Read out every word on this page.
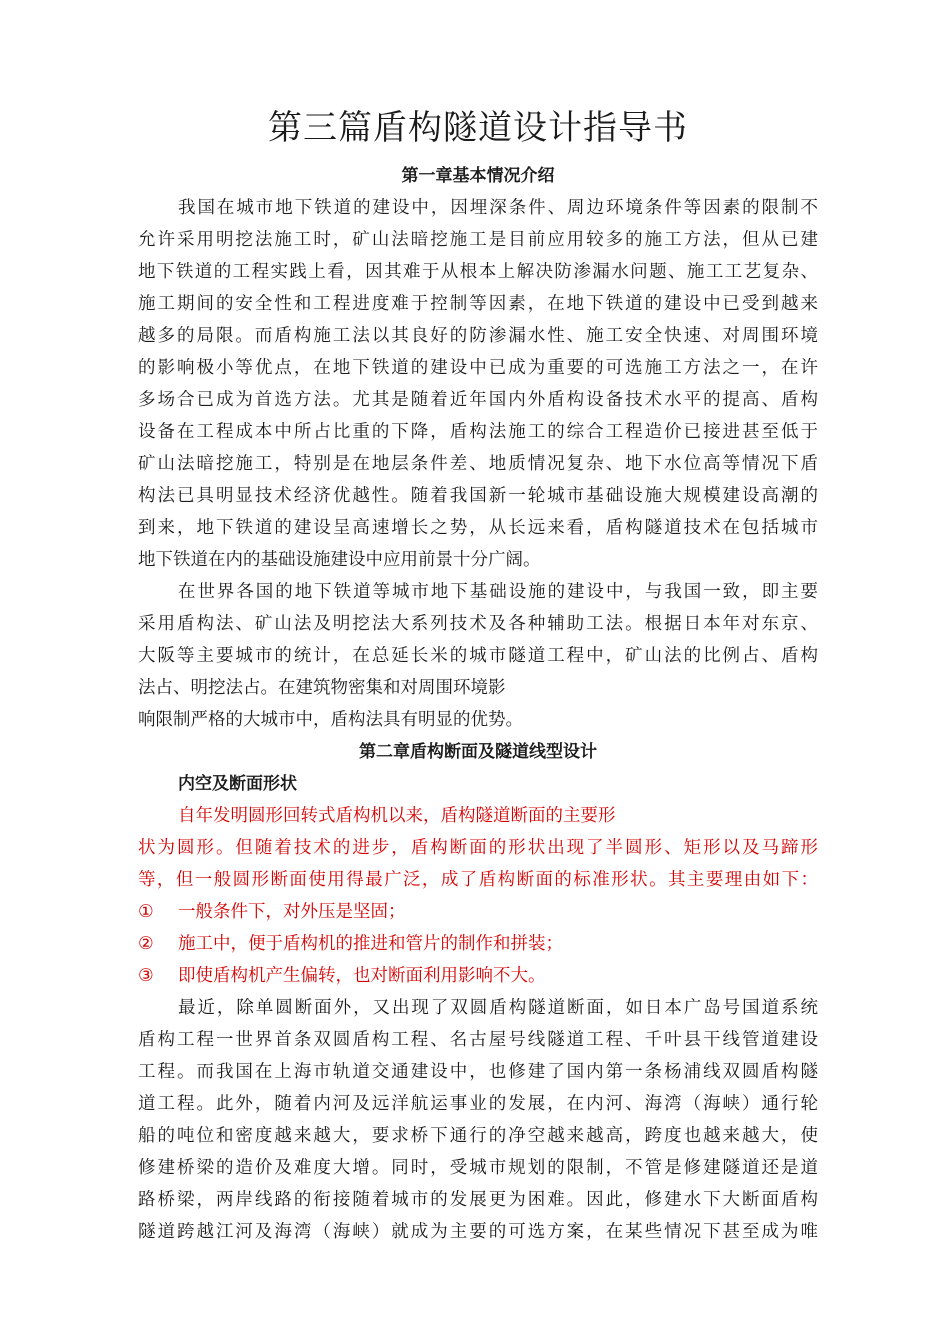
第三篇盾构隧道设计指导书
第一章基本情况介绍

我国在城市地下铁道的建设中，因埋深条件、周边环境条件等因素的限制不

允许采用明挖法施工时，矿山法暗挖施工是目前应用较多的施工方法，但从已建

地下铁道的工程实践上看，因其难于从根本上解决防渗漏水问题、施工工艺复杂、

施工期间的安全性和工程进度难于控制等因素，在地下铁道的建设中已受到越来

越多的局限。而盾构施工法以其良好的防渗漏水性、施工安全快速、对周围环境

的影响极小等优点，在地下铁道的建设中已成为重要的可选施工方法之一，在许

多场合已成为首选方法。尤其是随着近年国内外盾构设备技术水平的提高、盾构

设备在工程成本中所占比重的下降，盾构法施工的综合工程造价已接进甚至低于

矿山法暗挖施工，特别是在地层条件差、地质情况复杂、地下水位高等情况下盾

构法已具明显技术经济优越性。随着我国新一轮城市基础设施大规模建设高潮的

到来，地下铁道的建设呈高速增长之势，从长远来看，盾构隧道技术在包括城市

地下铁道在内的基础设施建设中应用前景十分广阔。

在世界各国的地下铁道等城市地下基础设施的建设中，与我国一致，即主要

采用盾构法、矿山法及明挖法大系列技术及各种辅助工法。根据日本年对东京、

大阪等主要城市的统计，在总延长米的城市隧道工程中，矿山法的比例占、盾构

法占、明挖法占。在建筑物密集和对周围环境影

响限制严格的大城市中，盾构法具有明显的优势。

第二章盾构断面及隧道线型设计
内空及断面形状

自年发明圆形回转式盾构机以来，盾构隧道断面的主要形

状为圆形。但随着技术的进步，盾构断面的形状出现了半圆形、矩形以及马蹄形

等，但一般圆形断面使用得最广泛，成了盾构断面的标准形状。其主要理由如下：

①	一般条件下，对外压是坚固；
②	施工中，便于盾构机的推进和管片的制作和拼装；
③	即使盾构机产生偏转，也对断面利用影响不大。

最近，除单圆断面外，又出现了双圆盾构隧道断面，如日本广岛号国道系统

盾构工程一世界首条双圆盾构工程、名古屋号线隧道工程、千叶县干线管道建设

工程。而我国在上海市轨道交通建设中，也修建了国内第一条杨浦线双圆盾构隧

道工程。此外，随着内河及远洋航运事业的发展，在内河、海湾（海峡）通行轮

船的吨位和密度越来越大，要求桥下通行的净空越来越高，跨度也越来越大，使

修建桥梁的造价及难度大增。同时，受城市规划的限制，不管是修建隧道还是道

路桥梁，两岸线路的衔接随着城市的发展更为困难。因此，修建水下大断面盾构

隧道跨越江河及海湾（海峡）就成为主要的可选方案，在某些情况下甚至成为唯
